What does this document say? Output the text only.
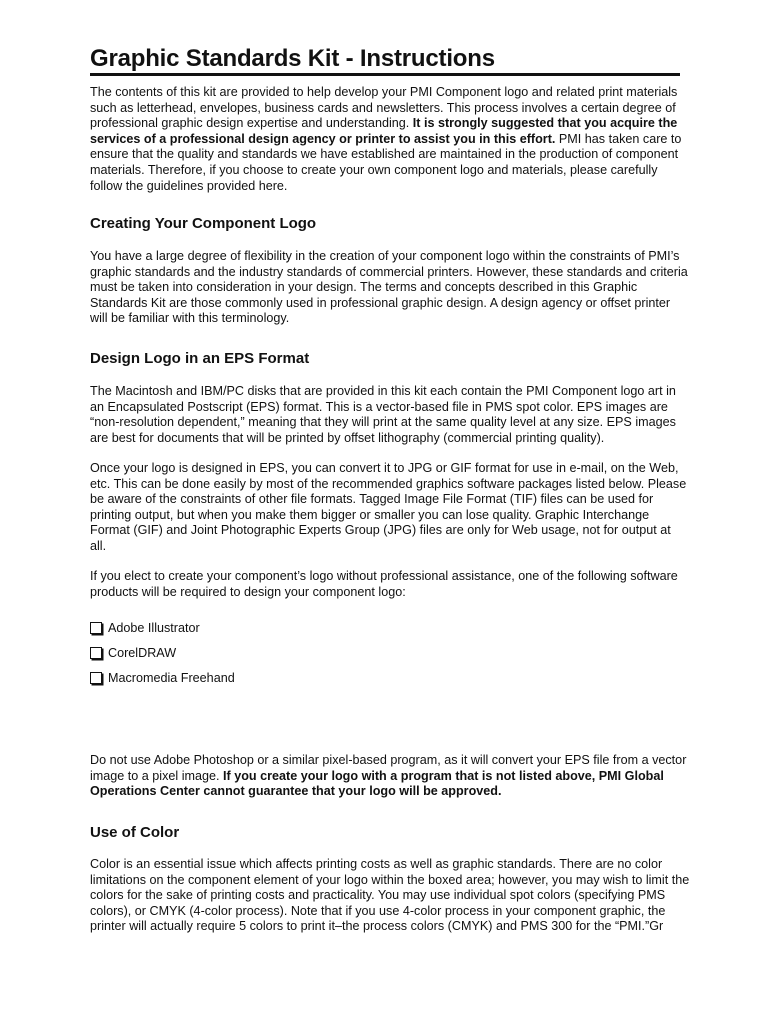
Graphic Standards Kit - Instructions

The contents of this kit are provided to help develop your PMI Component logo and related print materials such as letterhead, envelopes, business cards and newsletters. This process involves a certain degree of professional graphic design expertise and understanding. It is strongly suggested that you acquire the services of a professional design agency or printer to assist you in this effort. PMI has taken care to ensure that the quality and standards we have established are maintained in the production of component materials. Therefore, if you choose to create your own component logo and materials, please carefully follow the guidelines provided here.

Creating Your Component Logo

You have a large degree of flexibility in the creation of your component logo within the constraints of PMI’s graphic standards and the industry standards of commercial printers. However, these standards and criteria must be taken into consideration in your design. The terms and concepts described in this Graphic Standards Kit are those commonly used in professional graphic design. A design agency or offset printer will be familiar with this terminology.

Design Logo in an EPS Format

The Macintosh and IBM/PC disks that are provided in this kit each contain the PMI Component logo art in an Encapsulated Postscript (EPS) format. This is a vector-based file in PMS spot color. EPS images are “non-resolution dependent,” meaning that they will print at the same quality level at any size. EPS images are best for documents that will be printed by offset lithography (commercial printing quality).

Once your logo is designed in EPS, you can convert it to JPG or GIF format for use in e-mail, on the Web, etc. This can be done easily by most of the recommended graphics software packages listed below. Please be aware of the constraints of other file formats. Tagged Image File Format (TIF) files can be used for printing output, but when you make them bigger or smaller you can lose quality. Graphic Interchange Format (GIF) and Joint Photographic Experts Group (JPG) files are only for Web usage, not for output at all.

If you elect to create your component’s logo without professional assistance, one of the following software products will be required to design your component logo:

Adobe Illustrator
CorelDRAW
Macromedia Freehand

Do not use Adobe Photoshop or a similar pixel-based program, as it will convert your EPS file from a vector image to a pixel image. If you create your logo with a program that is not listed above, PMI Global Operations Center cannot guarantee that your logo will be approved.

Use of Color

Color is an essential issue which affects printing costs as well as graphic standards. There are no color limitations on the component element of your logo within the boxed area; however, you may wish to limit the colors for the sake of printing costs and practicality. You may use individual spot colors (specifying PMS colors), or CMYK (4-color process). Note that if you use 4-color process in your component graphic, the printer will actually require 5 colors to print it–the process colors (CMYK) and PMS 300 for the “PMI.”Gr
